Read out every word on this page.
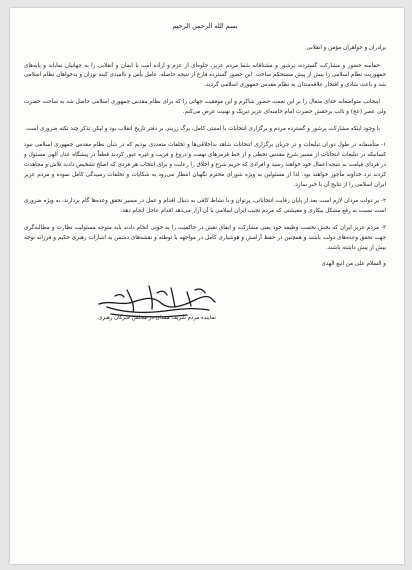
بسم الله الرحمن الرحیم
برادران و خواهران مؤمن و انقلابی

حماسه حضور و مشارکت گسترده، پرشور و مشتاقانه شما مردم عزیز، جلوه‌ای از عزم و اراده امت با ایمان و انقلابی را به جهانیان نمایاند و پایه‌های جمهوریت نظام اسلامی را بیش از پیش مستحکم ساخت. این حضور گسترده فارغ از نتیجه حاصله، عامل یأس و ناامیدی کینه توزان و بدخواهان نظام اسلامی شد و باعث شادی و افتخار علاقه‌مندان به نظام مقدس جمهوری اسلامی گردید.

اینجانب متواضعانه خدای متعال را بر این نعمت حضور شاکرم و این موفقیت جهانی را که برای نظام مقدس جمهوری اسلامی حاصل شد به ساحت حضرت ولی عصر (عج) و نائب برحقش حضرت امام خامنه‌ای عزیز تبریک و تهنیت عرض می‌کنم.

با وجود اینکه مشارکت پرشور و گسترده مردم و برگزاری انتخابات با امنیتی کامل، برگ زرینی بر دفتر تاریخ انقلاب بود و لیکن تذکر چند نکته ضروری است.

۱- متأسفانه در طول دوران تبلیغات و در جریان برگزاری انتخابات شاهد بداخلاقی‌ها و تخلفات متعددی بودیم که در شأن نظام مقدس جمهوری اسلامی نبود کسانیکه در تبلیغات انتخابات از مسیر شرع مقدس تخطی و از خط قرمزهای تهمت و دروغ و فریب و غیره عبور کردند قطعاً در پیشگاه عدل الهی مسئول و در فردای قیامت به نتیجه اعمال خود خواهند رسید و افرادی که حریم شرع و اخلاق را رعایت و برای انتخاب هر فردی که اصلح تشخیص دادند تلاش و مجاهدت کردند نزد خداوند مأجور خواهند بود. لذا از مسئولین به ویژه شورای محترم نگهبان انتظار می‌رود به شکایات و تخلفات رسیدگی کامل نموده و مردم عزیز ایران اسلامی را از نتایج آن با خبر سازد.

۲- بر دولت مردان لازم است بعد از پایان رقابت انتخاباتی، پرتوان و با نشاط کافی به دنبال اقدام و عمل در مسیر تحقق وعده‌ها گام بردارند، به ویژه ضروری است نسبت به رفع مشکل بیکاری و معیشتی که مردم نجیب ایران اسلامی با آن آزار می‌دهد اقدام عاجل انجام دهد.

۳- مردم عزیز ایران که بخش نخست وظیفه خود یعنی مشارکت و ایفای نقش در حاکمیت را به خوبی انجام دادند باید متوجه مسئولیت نظارت و مطالبه‌گری جهت تحقق وعده‌های دولت باشند و همچنین در حفظ آرامش و هوشیاری کامل در مواجهه با توطئه و نقشه‌های دشمن به اشارات رهبری حکیم و فرزانه توجه بیش از پیش داشته باشند.

و السلام علی من اتبع الهدی
نماینده مردم شریف همدان در مجلس خبرگان رهبری
